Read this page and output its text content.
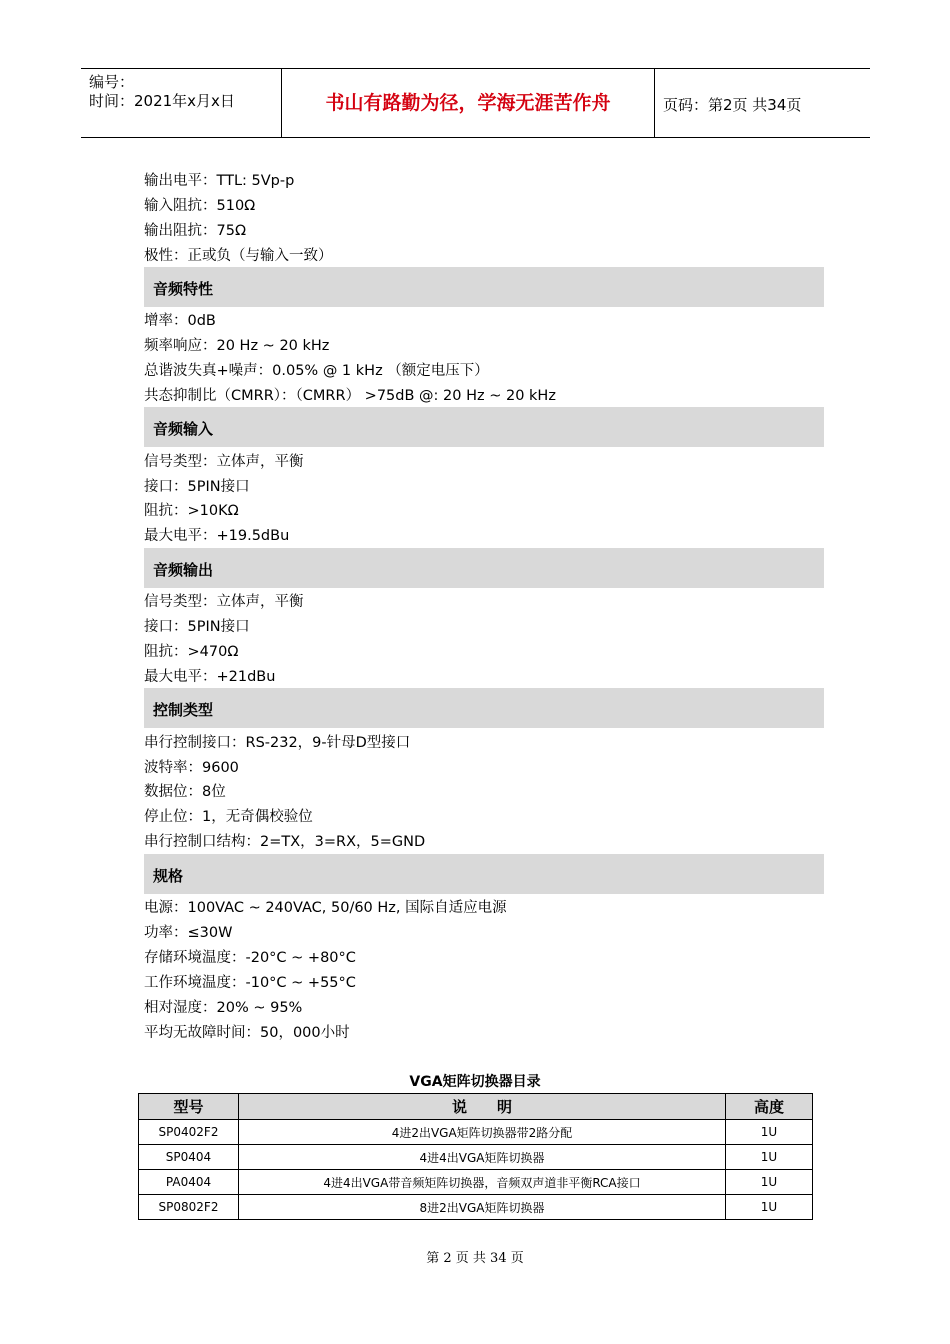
编号：
时间：2021年x月x日	书山有路勤为径，学海无涯苦作舟	页码：第2页 共34页
输出电平：TTL: 5Vp-p
输入阻抗：510Ω
输出阻抗：75Ω
极性：正或负（与输入一致）
音频特性
增率：0dB
频率响应：20 Hz ~ 20 kHz
总谐波失真+噪声：0.05% @ 1 kHz （额定电压下）
共态抑制比（CMRR）：（CMRR） >75dB @: 20 Hz ~ 20 kHz
音频输入
信号类型：立体声，平衡
接口：5PIN接口
阻抗：>10KΩ
最大电平：+19.5dBu
音频输出
信号类型：立体声，平衡
接口：5PIN接口
阻抗：>470Ω
最大电平：+21dBu
控制类型
串行控制接口：RS-232，9-针母D型接口
波特率：9600
数据位：8位
停止位：1，无奇偶校验位
串行控制口结构：2=TX，3=RX，5=GND
规格
电源：100VAC ~ 240VAC, 50/60 Hz, 国际自适应电源
功率：≤30W
存储环境温度：-20°C ~ +80°C
工作环境温度：-10°C ~ +55°C
相对湿度：20% ~ 95%
平均无故障时间：50，000小时
VGA矩阵切换器目录
型号	说　　明	高度
SP0402F2	4进2出VGA矩阵切换器带2路分配	1U
SP0404	4进4出VGA矩阵切换器	1U
PA0404	4进4出VGA带音频矩阵切换器，音频双声道非平衡RCA接口	1U
SP0802F2	8进2出VGA矩阵切换器	1U
第 2 页 共 34 页
